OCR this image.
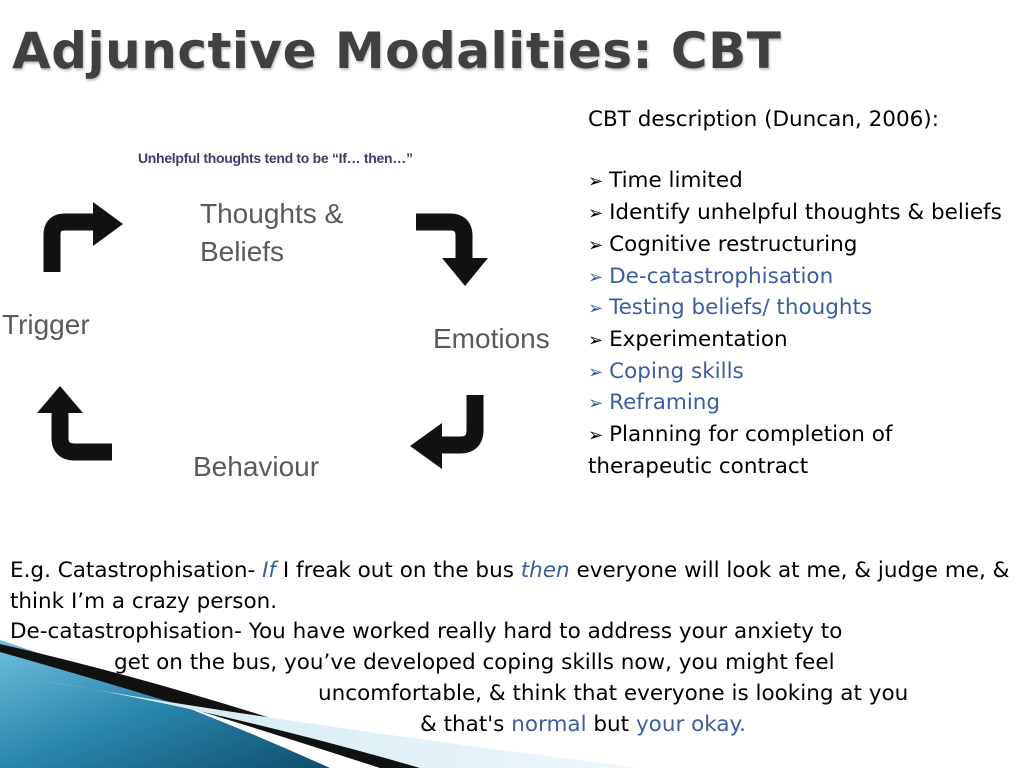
Adjunctive Modalities: CBT
Unhelpful thoughts tend to be “If… then…”
Thoughts &
Beliefs
Emotions
Behaviour
Trigger
CBT description (Duncan, 2006):
➢ Time limited
➢ Identify unhelpful thoughts & beliefs
➢ Cognitive restructuring
➢ De-catastrophisation
➢ Testing beliefs/ thoughts
➢ Experimentation
➢ Coping skills
➢ Reframing
➢ Planning for completion of therapeutic contract

E.g. Catastrophisation- If I freak out on the bus then everyone will look at me, & judge me, & think I’m a crazy person.

De-catastrophisation- You have worked really hard to address your anxiety to

get on the bus, you’ve developed coping skills now, you might feel

uncomfortable, & think that everyone is looking at you

& that's normal but your okay.
